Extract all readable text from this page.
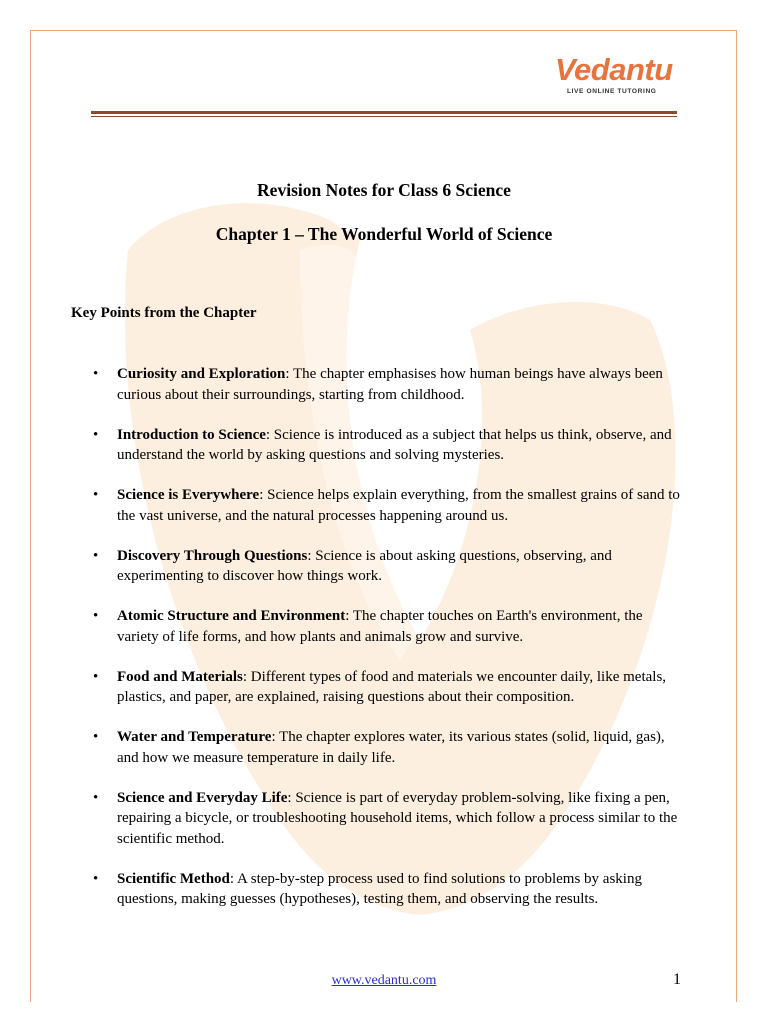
Vedantu
LIVE ONLINE TUTORING
Revision Notes for Class 6 Science
Chapter 1 – The Wonderful World of Science
Key Points from the Chapter
• Curiosity and Exploration: The chapter emphasises how human beings have always been curious about their surroundings, starting from childhood.
• Introduction to Science: Science is introduced as a subject that helps us think, observe, and understand the world by asking questions and solving mysteries.
• Science is Everywhere: Science helps explain everything, from the smallest grains of sand to the vast universe, and the natural processes happening around us.
• Discovery Through Questions: Science is about asking questions, observing, and experimenting to discover how things work.
• Atomic Structure and Environment: The chapter touches on Earth's environment, the variety of life forms, and how plants and animals grow and survive.
• Food and Materials: Different types of food and materials we encounter daily, like metals, plastics, and paper, are explained, raising questions about their composition.
• Water and Temperature: The chapter explores water, its various states (solid, liquid, gas), and how we measure temperature in daily life.
• Science and Everyday Life: Science is part of everyday problem-solving, like fixing a pen, repairing a bicycle, or troubleshooting household items, which follow a process similar to the scientific method.
• Scientific Method: A step-by-step process used to find solutions to problems by asking questions, making guesses (hypotheses), testing them, and observing the results.
www.vedantu.com	1
